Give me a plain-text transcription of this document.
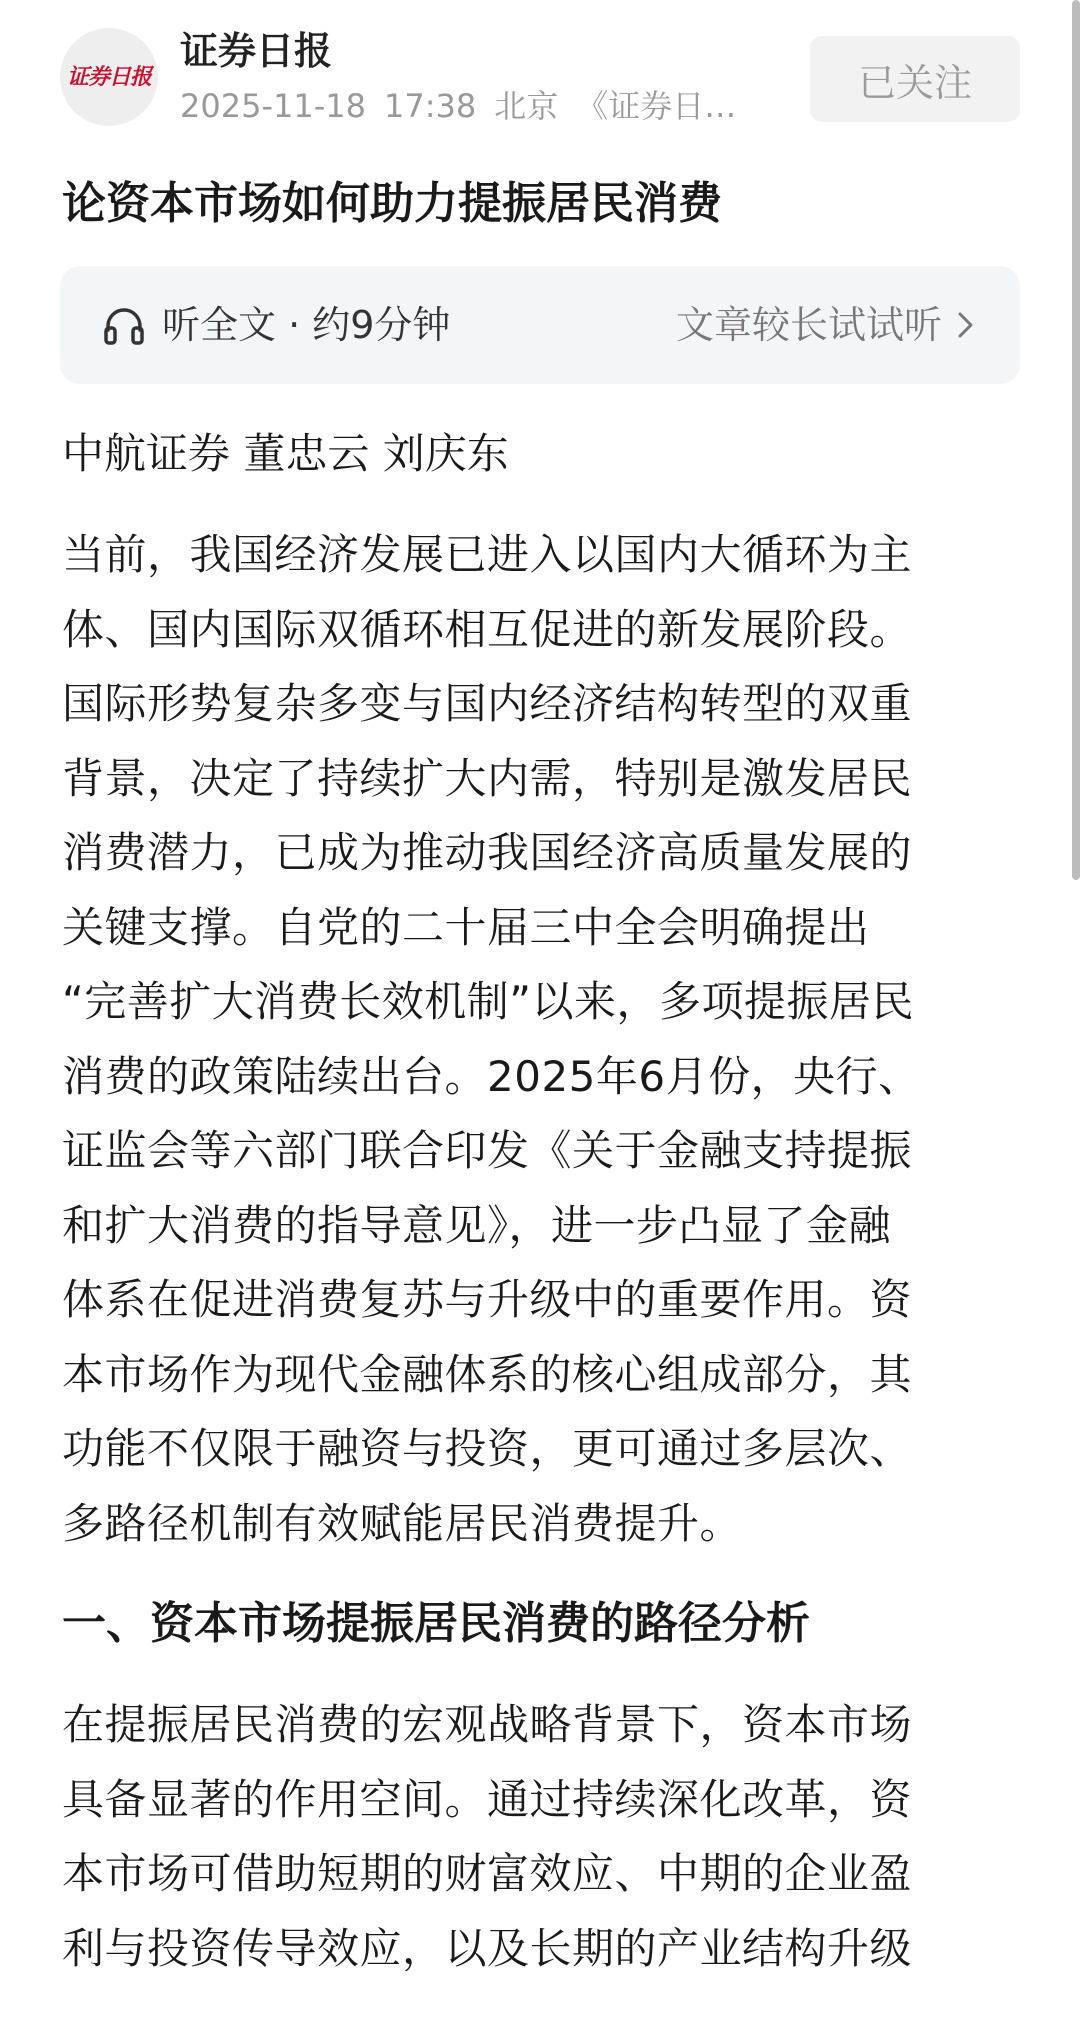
证券日报
证券日报
2025-11-18 17:38 北京 《证券日…
已关注
论资本市场如何助力提振居民消费
听全文 · 约9分钟	文章较长试试听
中航证券 董忠云 刘庆东
当前，我国经济发展已进入以国内大循环为主
体、国内国际双循环相互促进的新发展阶段。
国际形势复杂多变与国内经济结构转型的双重
背景，决定了持续扩大内需，特别是激发居民
消费潜力，已成为推动我国经济高质量发展的
关键支撑。自党的二十届三中全会明确提出
“完善扩大消费长效机制”以来，多项提振居民
消费的政策陆续出台。2025年6月份，央行、
证监会等六部门联合印发《关于金融支持提振
和扩大消费的指导意见》，进一步凸显了金融
体系在促进消费复苏与升级中的重要作用。资
本市场作为现代金融体系的核心组成部分，其
功能不仅限于融资与投资，更可通过多层次、
多路径机制有效赋能居民消费提升。
一、资本市场提振居民消费的路径分析
在提振居民消费的宏观战略背景下，资本市场
具备显著的作用空间。通过持续深化改革，资
本市场可借助短期的财富效应、中期的企业盈
利与投资传导效应，以及长期的产业结构升级
